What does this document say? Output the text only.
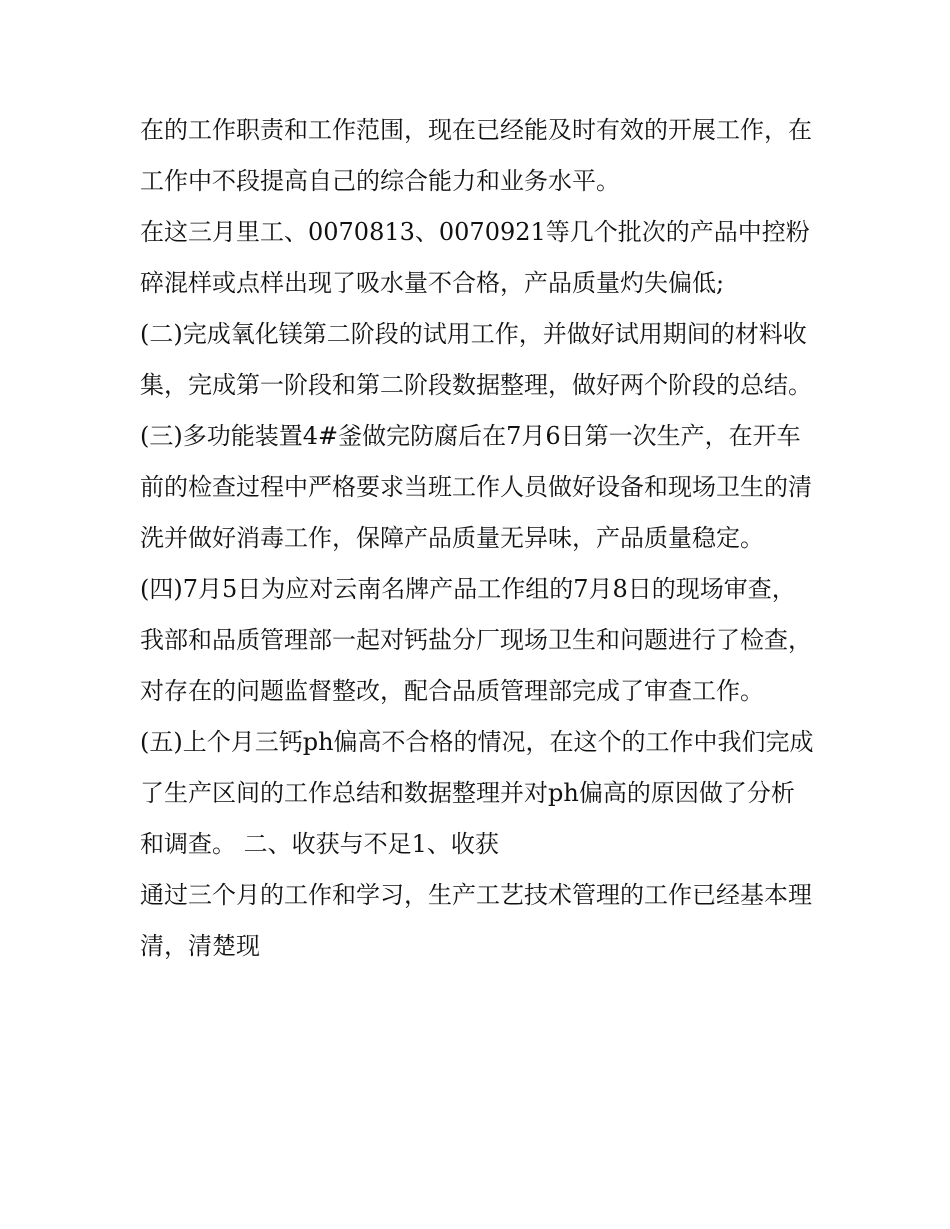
在的工作职责和工作范围，现在已经能及时有效的开展工作，在工作中不段提高自己的综合能力和业务水平。

在这三月里工、0070813、0070921等几个批次的产品中控粉碎混样或点样出现了吸水量不合格，产品质量灼失偏低;

(二)完成氧化镁第二阶段的试用工作，并做好试用期间的材料收集，完成第一阶段和第二阶段数据整理，做好两个阶段的总结。

(三)多功能装置4#釜做完防腐后在7月6日第一次生产，在开车前的检查过程中严格要求当班工作人员做好设备和现场卫生的清洗并做好消毒工作，保障产品质量无异味，产品质量稳定。

(四)7月5日为应对云南名牌产品工作组的7月8日的现场审查，我部和品质管理部一起对钙盐分厂现场卫生和问题进行了检查，对存在的问题监督整改，配合品质管理部完成了审查工作。

(五)上个月三钙ph偏高不合格的情况，在这个的工作中我们完成了生产区间的工作总结和数据整理并对ph偏高的原因做了分析和调查。 二、收获与不足1、收获

通过三个月的工作和学习，生产工艺技术管理的工作已经基本理清，清楚现
